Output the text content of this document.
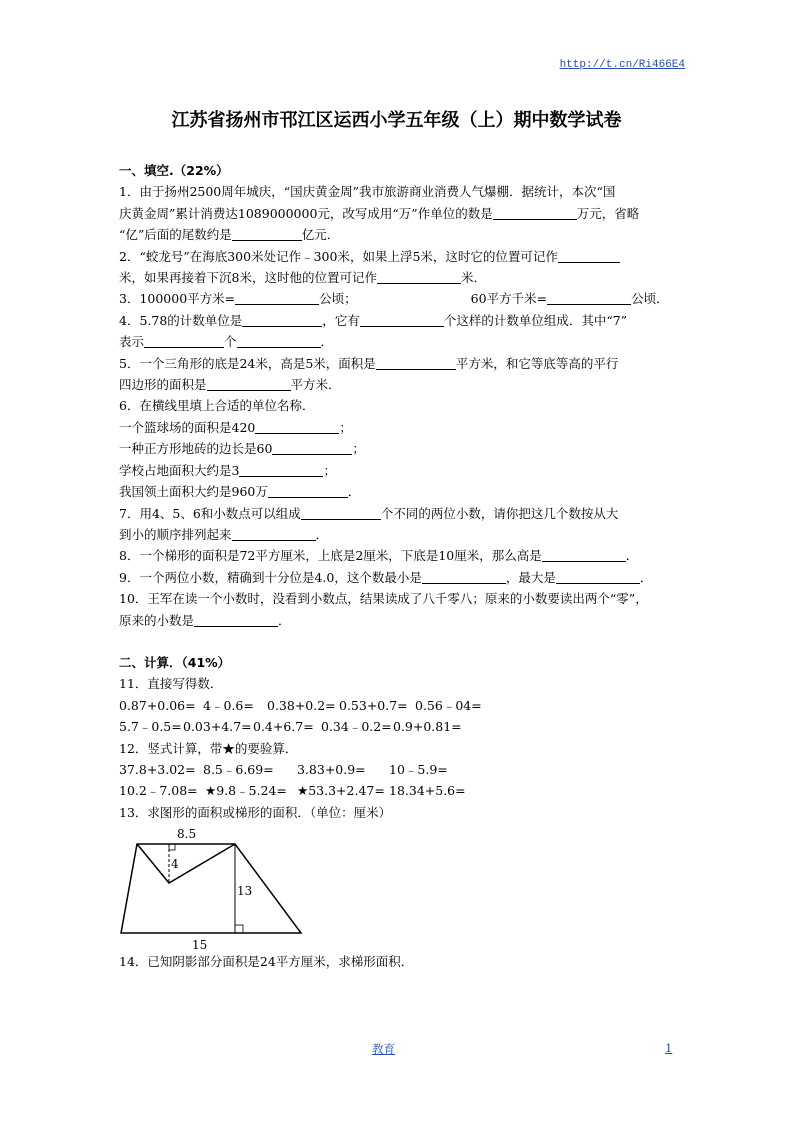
http://t.cn/Ri466E4
江苏省扬州市邗江区运西小学五年级（上）期中数学试卷
一、填空.（22%）
1．由于扬州2500周年城庆，“国庆黄金周”我市旅游商业消费人气爆棚．据统计，本次“国
庆黄金周”累计消费达1089000000元，改写成用“万”作单位的数是	万元，省略
“亿”后面的尾数约是	亿元．
2．“蛟龙号”在海底300米处记作﹣300米，如果上浮5米，这时它的位置可记作
米，如果再接着下沉8米，这时他的位置可记作	米．
3．100000平方米=	公顷；	60平方千米=	公顷．
4．5.78的计数单位是	，它有	个这样的计数单位组成．其中“7”
表示	个	．
5．一个三角形的底是24米，高是5米，面积是	平方米，和它等底等高的平行
四边形的面积是	平方米．
6．在横线里填上合适的单位名称．
一个篮球场的面积是420	；
一种正方形地砖的边长是60	；
学校占地面积大约是3	；
我国领土面积大约是960万	．
7．用4、5、6和小数点可以组成	个不同的两位小数，请你把这几个数按从大
到小的顺序排列起来	．
8．一个梯形的面积是72平方厘米，上底是2厘米，下底是10厘米，那么高是	．
9．一个两位小数，精确到十分位是4.0，这个数最小是	，最大是	．
10．王军在读一个小数时，没看到小数点，结果读成了八千零八；原来的小数要读出两个“零”，
原来的小数是	．
二、计算．（41%）
11．直接写得数．
0.87+0.06= 4﹣0.6= 0.38+0.2= 0.53+0.7= 0.56﹣04=
5.7﹣0.5=0.03+4.7=0.4+6.7= 0.34﹣0.2=0.9+0.81=
12．竖式计算，带★的要验算．
37.8+3.02= 8.5﹣6.69= 3.83+0.9= 10﹣5.9=
10.2﹣7.08= ★9.8﹣5.24= ★53.3+2.47= 18.34+5.6=
13．求图形的面积或梯形的面积．（单位：厘米）
8.5
4
13
15
14．已知阴影部分面积是24平方厘米，求梯形面积．
教育	1
